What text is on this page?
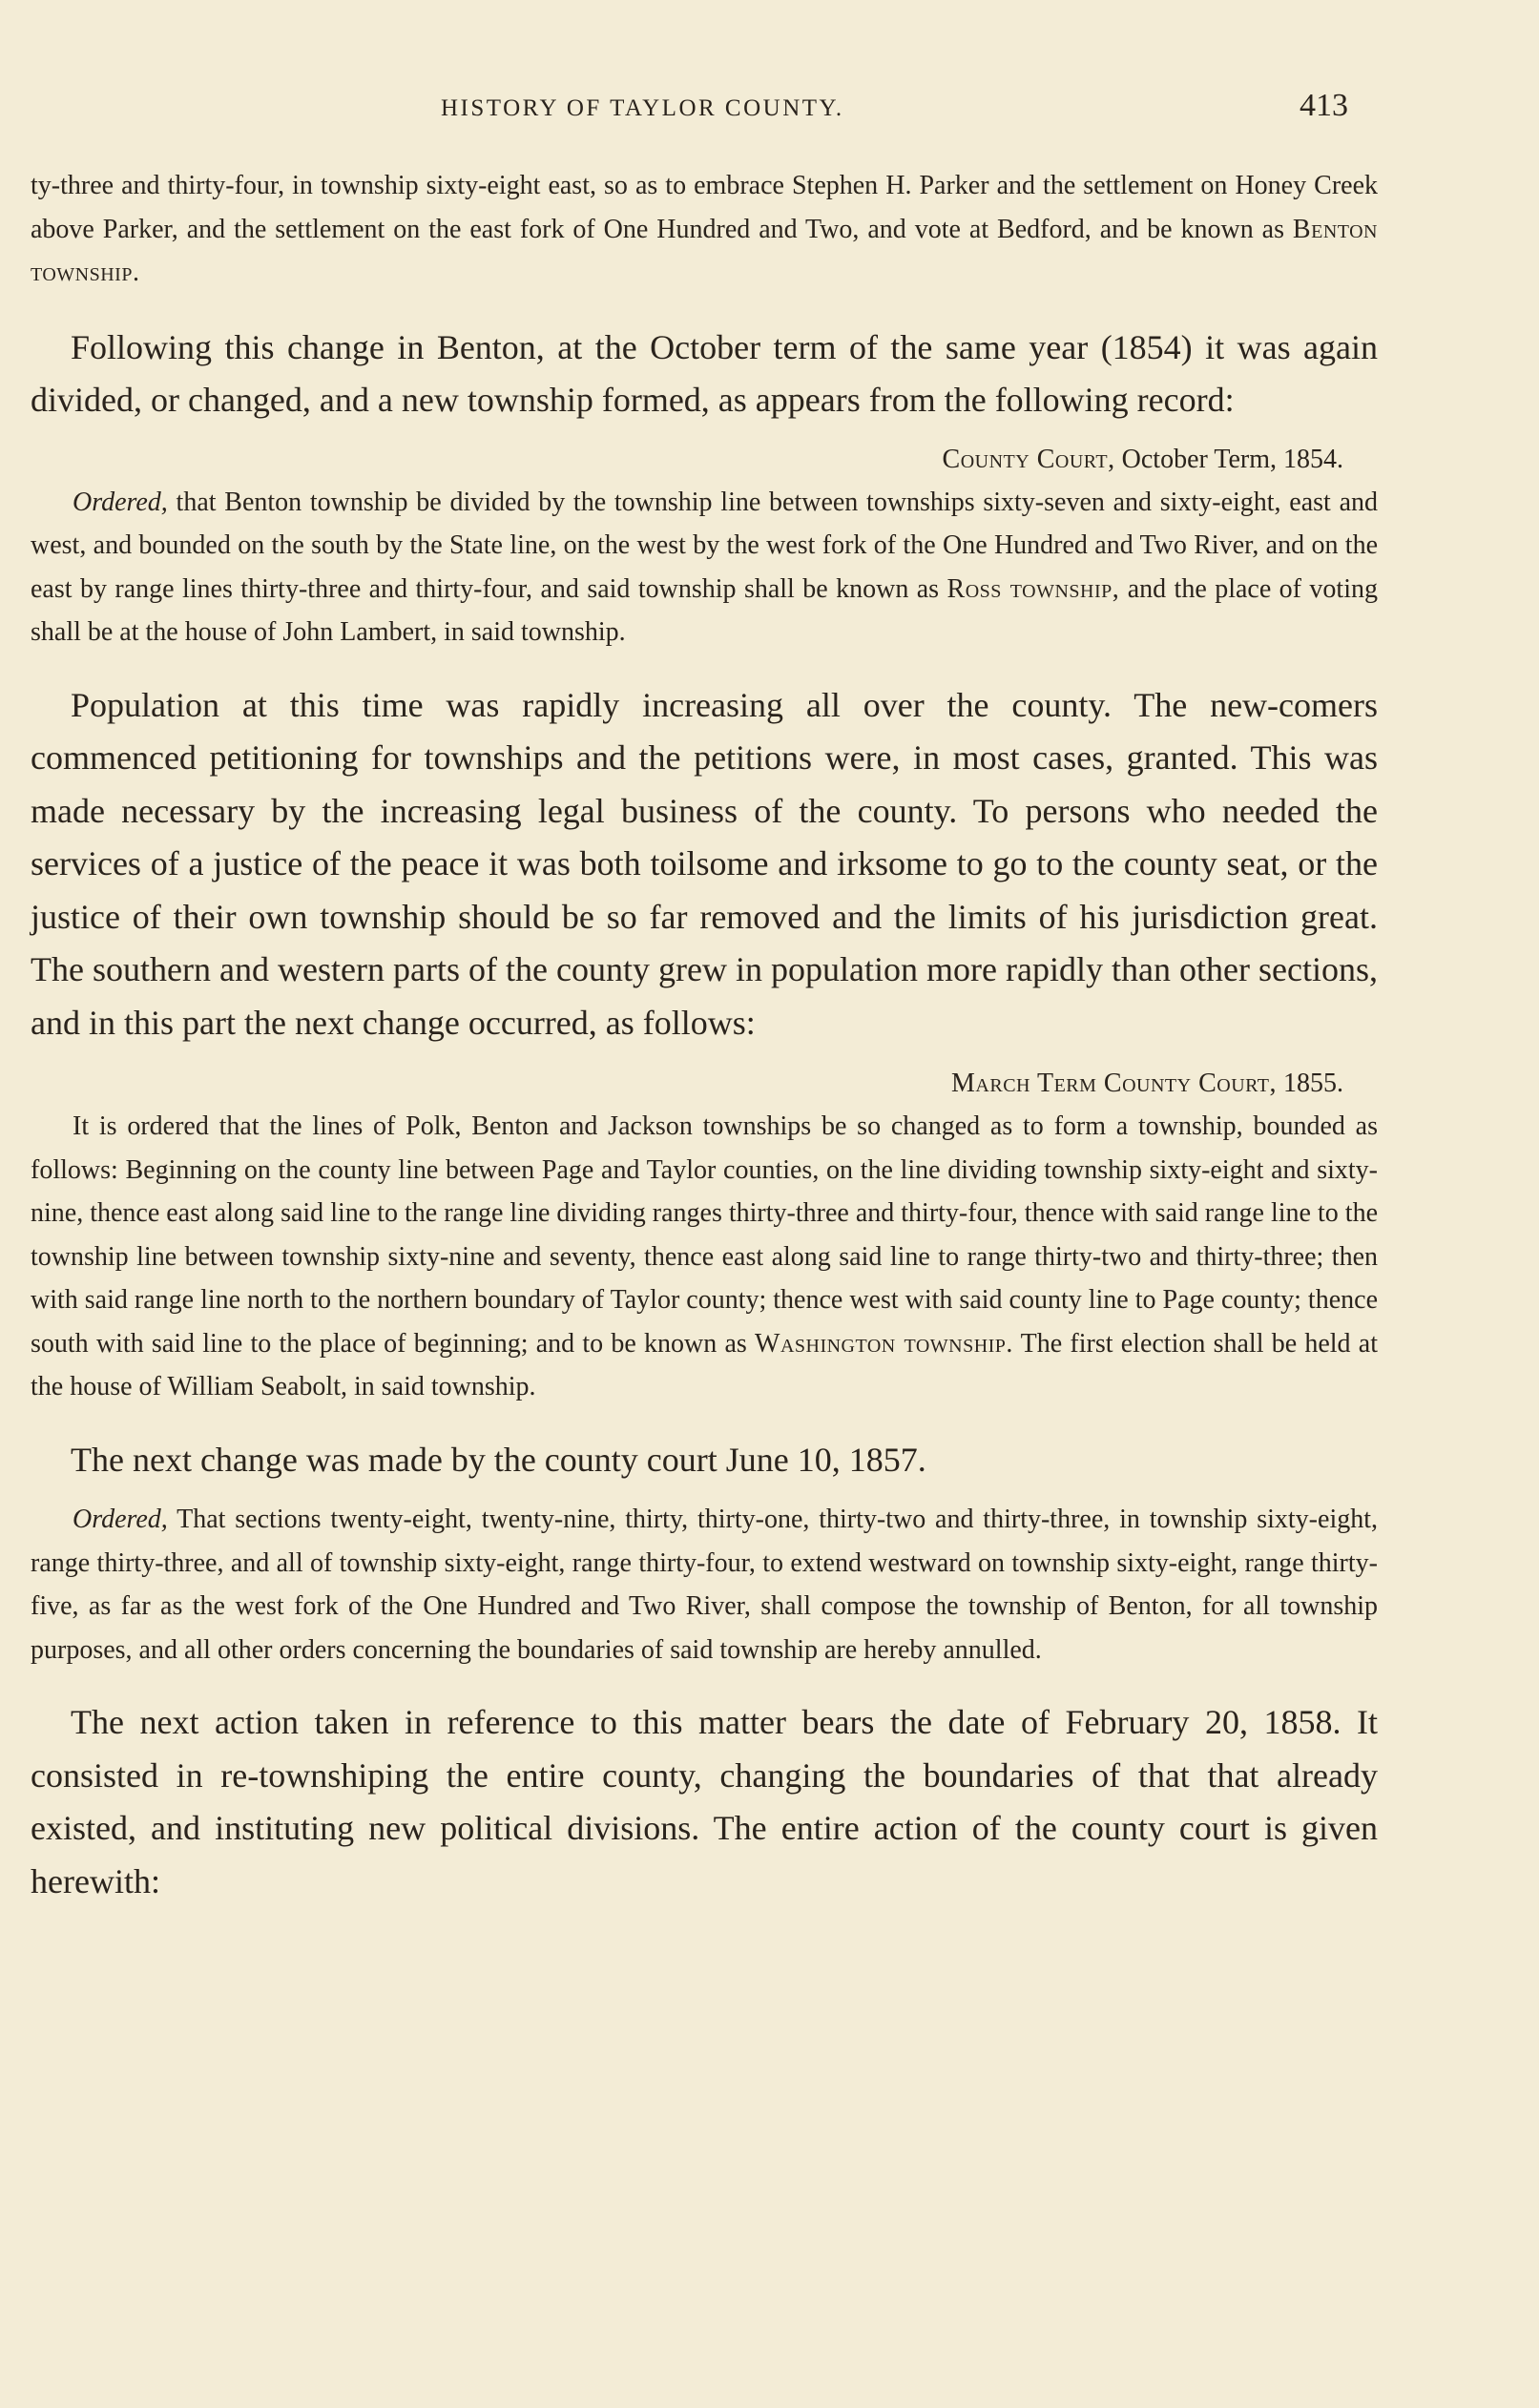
HISTORY OF TAYLOR COUNTY.	413

ty-three and thirty-four, in township sixty-eight east, so as to embrace Stephen H. Parker and the settlement on Honey Creek above Parker, and the settlement on the east fork of One Hundred and Two, and vote at Bedford, and be known as Benton township.

Following this change in Benton, at the October term of the same year (1854) it was again divided, or changed, and a new township formed, as appears from the following record:

County Court, October Term, 1854.

Ordered, that Benton township be divided by the township line between townships sixty-seven and sixty-eight, east and west, and bounded on the south by the State line, on the west by the west fork of the One Hundred and Two River, and on the east by range lines thirty-three and thirty-four, and said township shall be known as Ross township, and the place of voting shall be at the house of John Lambert, in said township.

Population at this time was rapidly increasing all over the county. The new-comers commenced petitioning for townships and the petitions were, in most cases, granted. This was made necessary by the increasing legal business of the county. To persons who needed the services of a justice of the peace it was both toilsome and irksome to go to the county seat, or the justice of their own township should be so far removed and the limits of his jurisdiction great. The southern and western parts of the county grew in population more rapidly than other sections, and in this part the next change occurred, as follows:

March Term County Court, 1855.

It is ordered that the lines of Polk, Benton and Jackson townships be so changed as to form a township, bounded as follows: Beginning on the county line between Page and Taylor counties, on the line dividing township sixty-eight and sixty-nine, thence east along said line to the range line dividing ranges thirty-three and thirty-four, thence with said range line to the township line between township sixty-nine and seventy, thence east along said line to range thirty-two and thirty-three; then with said range line north to the northern boundary of Taylor county; thence west with said county line to Page county; thence south with said line to the place of beginning; and to be known as Washington township. The first election shall be held at the house of William Seabolt, in said township.

The next change was made by the county court June 10, 1857.

Ordered, That sections twenty-eight, twenty-nine, thirty, thirty-one, thirty-two and thirty-three, in township sixty-eight, range thirty-three, and all of township sixty-eight, range thirty-four, to extend westward on township sixty-eight, range thirty-five, as far as the west fork of the One Hundred and Two River, shall compose the township of Benton, for all township purposes, and all other orders concerning the boundaries of said township are hereby annulled.

The next action taken in reference to this matter bears the date of February 20, 1858. It consisted in re-townshiping the entire county, changing the boundaries of that that already existed, and instituting new political divisions. The entire action of the county court is given herewith:
